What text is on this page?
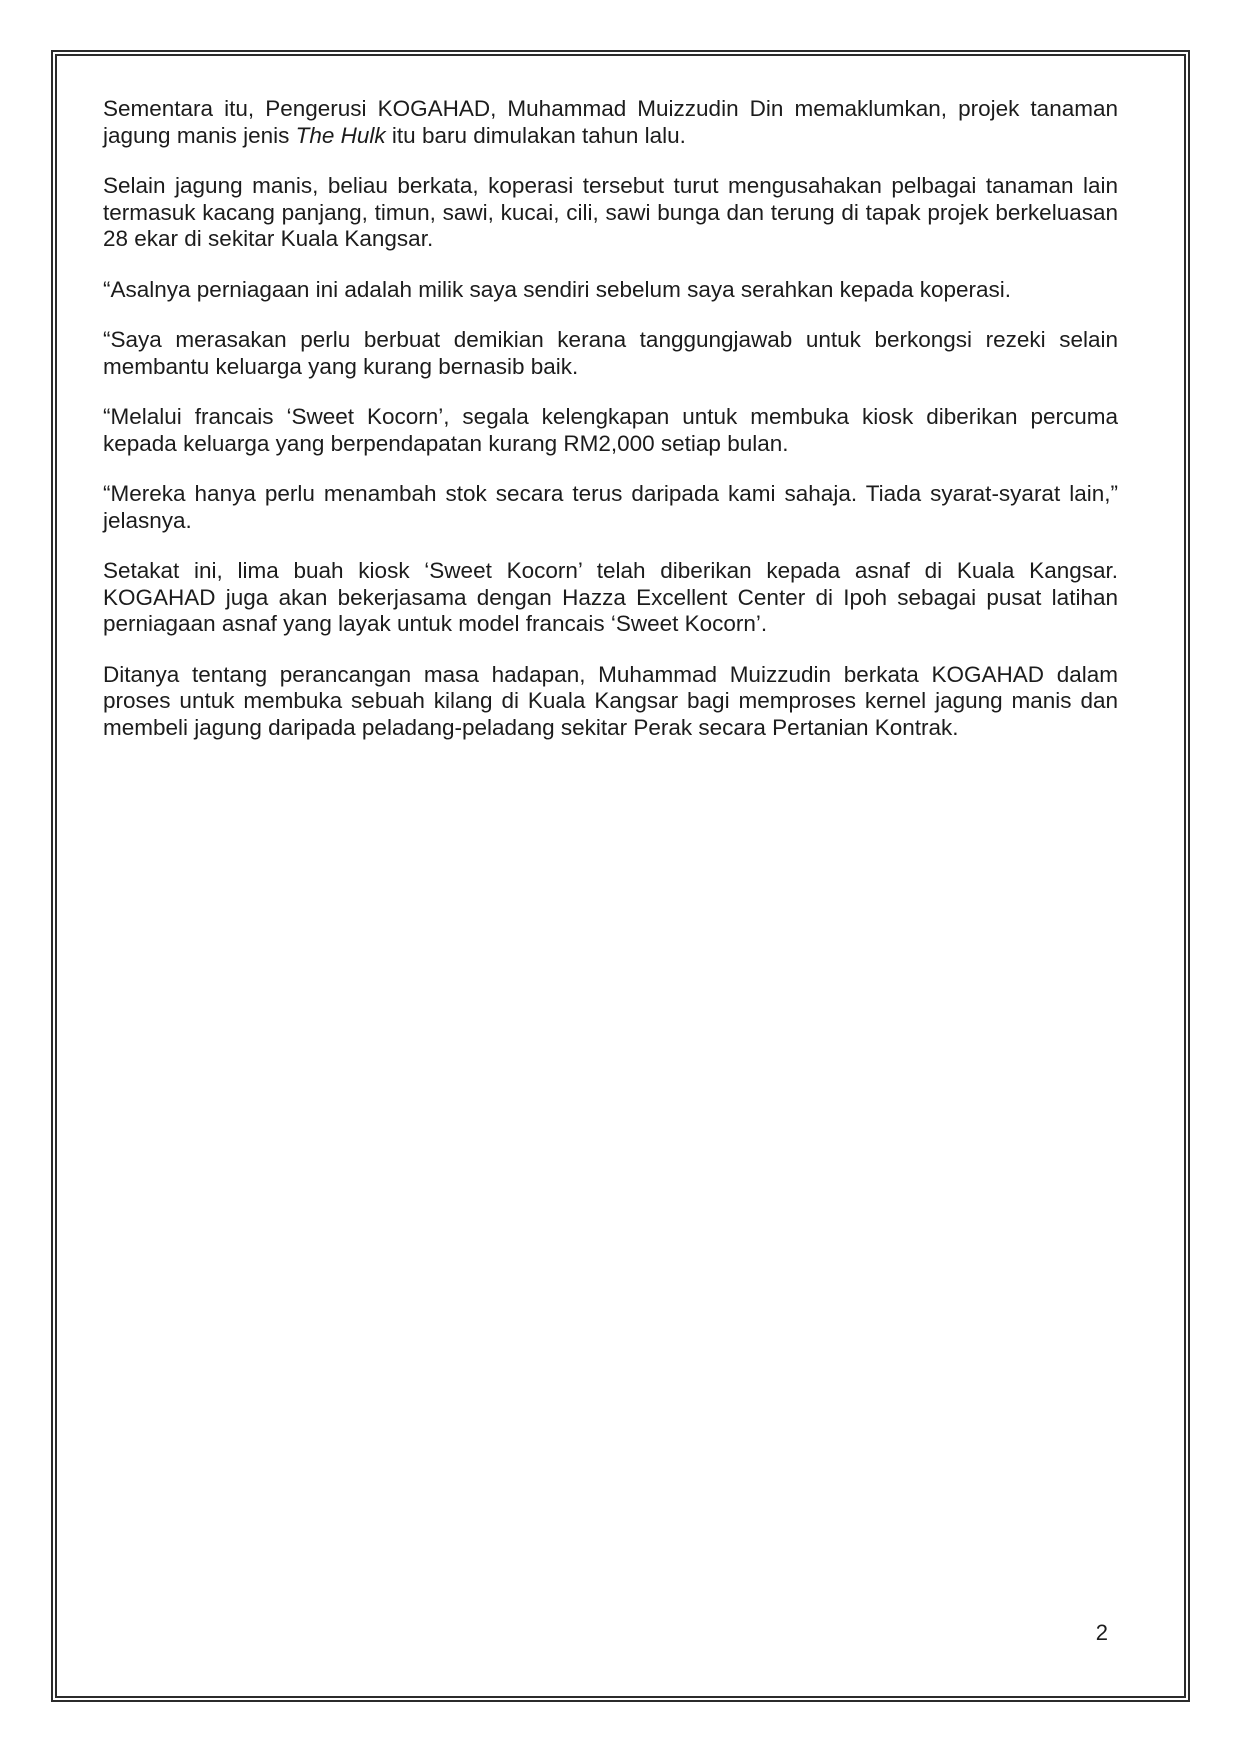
Sementara itu, Pengerusi KOGAHAD, Muhammad Muizzudin Din memaklumkan, projek tanaman jagung manis jenis The Hulk itu baru dimulakan tahun lalu.

Selain jagung manis, beliau berkata, koperasi tersebut turut mengusahakan pelbagai tanaman lain termasuk kacang panjang, timun, sawi, kucai, cili, sawi bunga dan terung di tapak projek berkeluasan 28 ekar di sekitar Kuala Kangsar.

“Asalnya perniagaan ini adalah milik saya sendiri sebelum saya serahkan kepada koperasi.

“Saya merasakan perlu berbuat demikian kerana tanggungjawab untuk berkongsi rezeki selain membantu keluarga yang kurang bernasib baik.

“Melalui francais ‘Sweet Kocorn’, segala kelengkapan untuk membuka kiosk diberikan percuma kepada keluarga yang berpendapatan kurang RM2,000 setiap bulan.

“Mereka hanya perlu menambah stok secara terus daripada kami sahaja. Tiada syarat-syarat lain,” jelasnya.

Setakat ini, lima buah kiosk ‘Sweet Kocorn’ telah diberikan kepada asnaf di Kuala Kangsar. KOGAHAD juga akan bekerjasama dengan Hazza Excellent Center di Ipoh sebagai pusat latihan perniagaan asnaf yang layak untuk model francais ‘Sweet Kocorn’.

Ditanya tentang perancangan masa hadapan, Muhammad Muizzudin berkata KOGAHAD dalam proses untuk membuka sebuah kilang di Kuala Kangsar bagi memproses kernel jagung manis dan membeli jagung daripada peladang-peladang sekitar Perak secara Pertanian Kontrak.

2
